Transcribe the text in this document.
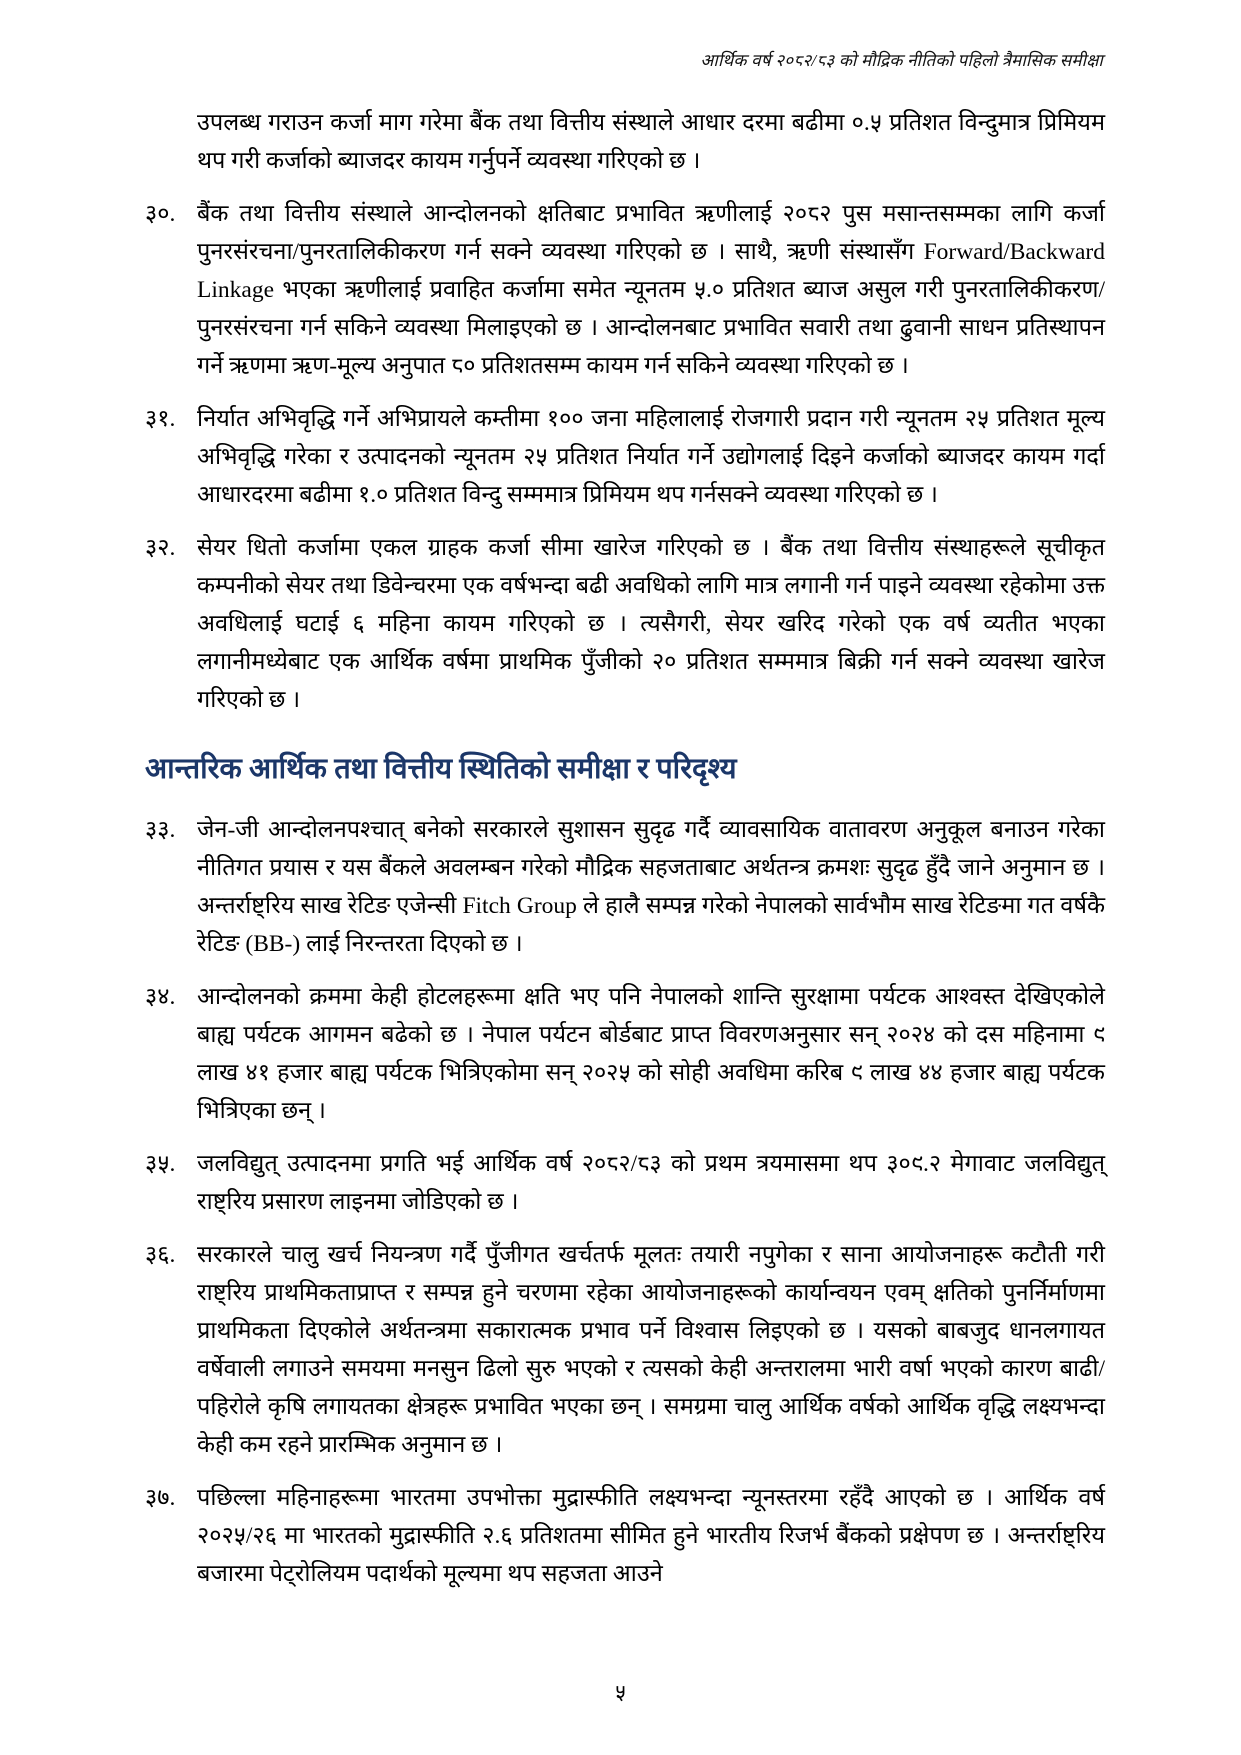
आर्थिक वर्ष २०८२/८३ को मौद्रिक नीतिको पहिलो त्रैमासिक समीक्षा
उपलब्ध गराउन कर्जा माग गरेमा बैंक तथा वित्तीय संस्थाले आधार दरमा बढीमा ०.५ प्रतिशत विन्दुमात्र प्रिमियम थप गरी कर्जाको ब्याजदर कायम गर्नुपर्ने व्यवस्था गरिएको छ ।
३०. बैंक तथा वित्तीय संस्थाले आन्दोलनको क्षतिबाट प्रभावित ऋणीलाई २०८२ पुस मसान्तसम्मका लागि कर्जा पुनरसंरचना/पुनरतालिकीकरण गर्न सक्ने व्यवस्था गरिएको छ । साथै, ऋणी संस्थासँग Forward/Backward Linkage भएका ऋणीलाई प्रवाहित कर्जामा समेत न्यूनतम ५.० प्रतिशत ब्याज असुल गरी पुनरतालिकीकरण/पुनरसंरचना गर्न सकिने व्यवस्था मिलाइएको छ । आन्दोलनबाट प्रभावित सवारी तथा ढुवानी साधन प्रतिस्थापन गर्ने ऋणमा ऋण-मूल्य अनुपात ८० प्रतिशतसम्म कायम गर्न सकिने व्यवस्था गरिएको छ ।
३१. निर्यात अभिवृद्धि गर्ने अभिप्रायले कम्तीमा १०० जना महिलालाई रोजगारी प्रदान गरी न्यूनतम २५ प्रतिशत मूल्य अभिवृद्धि गरेका र उत्पादनको न्यूनतम २५ प्रतिशत निर्यात गर्ने उद्योगलाई दिइने कर्जाको ब्याजदर कायम गर्दा आधारदरमा बढीमा १.० प्रतिशत विन्दु सम्ममात्र प्रिमियम थप गर्नसक्ने व्यवस्था गरिएको छ ।
३२. सेयर धितो कर्जामा एकल ग्राहक कर्जा सीमा खारेज गरिएको छ । बैंक तथा वित्तीय संस्थाहरूले सूचीकृत कम्पनीको सेयर तथा डिवेन्चरमा एक वर्षभन्दा बढी अवधिको लागि मात्र लगानी गर्न पाइने व्यवस्था रहेकोमा उक्त अवधिलाई घटाई ६ महिना कायम गरिएको छ । त्यसैगरी, सेयर खरिद गरेको एक वर्ष व्यतीत भएका लगानीमध्येबाट एक आर्थिक वर्षमा प्राथमिक पुँजीको २० प्रतिशत सम्ममात्र बिक्री गर्न सक्ने व्यवस्था खारेज गरिएको छ ।
आन्तरिक आर्थिक तथा वित्तीय स्थितिको समीक्षा र परिदृश्य
३३. जेन-जी आन्दोलनपश्चात् बनेको सरकारले सुशासन सुदृढ गर्दै व्यावसायिक वातावरण अनुकूल बनाउन गरेका नीतिगत प्रयास र यस बैंकले अवलम्बन गरेको मौद्रिक सहजताबाट अर्थतन्त्र क्रमशः सुदृढ हुँदै जाने अनुमान छ । अन्तर्राष्ट्रिय साख रेटिङ एजेन्सी Fitch Group ले हालै सम्पन्न गरेको नेपालको सार्वभौम साख रेटिङमा गत वर्षकै रेटिङ (BB-) लाई निरन्तरता दिएको छ ।
३४. आन्दोलनको क्रममा केही होटलहरूमा क्षति भए पनि नेपालको शान्ति सुरक्षामा पर्यटक आश्वस्त देखिएकोले बाह्य पर्यटक आगमन बढेको छ । नेपाल पर्यटन बोर्डबाट प्राप्त विवरणअनुसार सन् २०२४ को दस महिनामा ९ लाख ४१ हजार बाह्य पर्यटक भित्रिएकोमा सन् २०२५ को सोही अवधिमा करिब ९ लाख ४४ हजार बाह्य पर्यटक भित्रिएका छन् ।
३५. जलविद्युत् उत्पादनमा प्रगति भई आर्थिक वर्ष २०८२/८३ को प्रथम त्रयमासमा थप ३०९.२ मेगावाट जलविद्युत् राष्ट्रिय प्रसारण लाइनमा जोडिएको छ ।
३६. सरकारले चालु खर्च नियन्त्रण गर्दै पुँजीगत खर्चतर्फ मूलतः तयारी नपुगेका र साना आयोजनाहरू कटौती गरी राष्ट्रिय प्राथमिकताप्राप्त र सम्पन्न हुने चरणमा रहेका आयोजनाहरूको कार्यान्वयन एवम् क्षतिको पुनर्निर्माणमा प्राथमिकता दिएकोले अर्थतन्त्रमा सकारात्मक प्रभाव पर्ने विश्वास लिइएको छ । यसको बाबजुद धानलगायत वर्षेवाली लगाउने समयमा मनसुन ढिलो सुरु भएको र त्यसको केही अन्तरालमा भारी वर्षा भएको कारण बाढी/पहिरोले कृषि लगायतका क्षेत्रहरू प्रभावित भएका छन् । समग्रमा चालु आर्थिक वर्षको आर्थिक वृद्धि लक्ष्यभन्दा केही कम रहने प्रारम्भिक अनुमान छ ।
३७. पछिल्ला महिनाहरूमा भारतमा उपभोक्ता मुद्रास्फीति लक्ष्यभन्दा न्यूनस्तरमा रहँदै आएको छ । आर्थिक वर्ष २०२५/२६ मा भारतको मुद्रास्फीति २.६ प्रतिशतमा सीमित हुने भारतीय रिजर्भ बैंकको प्रक्षेपण छ । अन्तर्राष्ट्रिय बजारमा पेट्रोलियम पदार्थको मूल्यमा थप सहजता आउने
५
